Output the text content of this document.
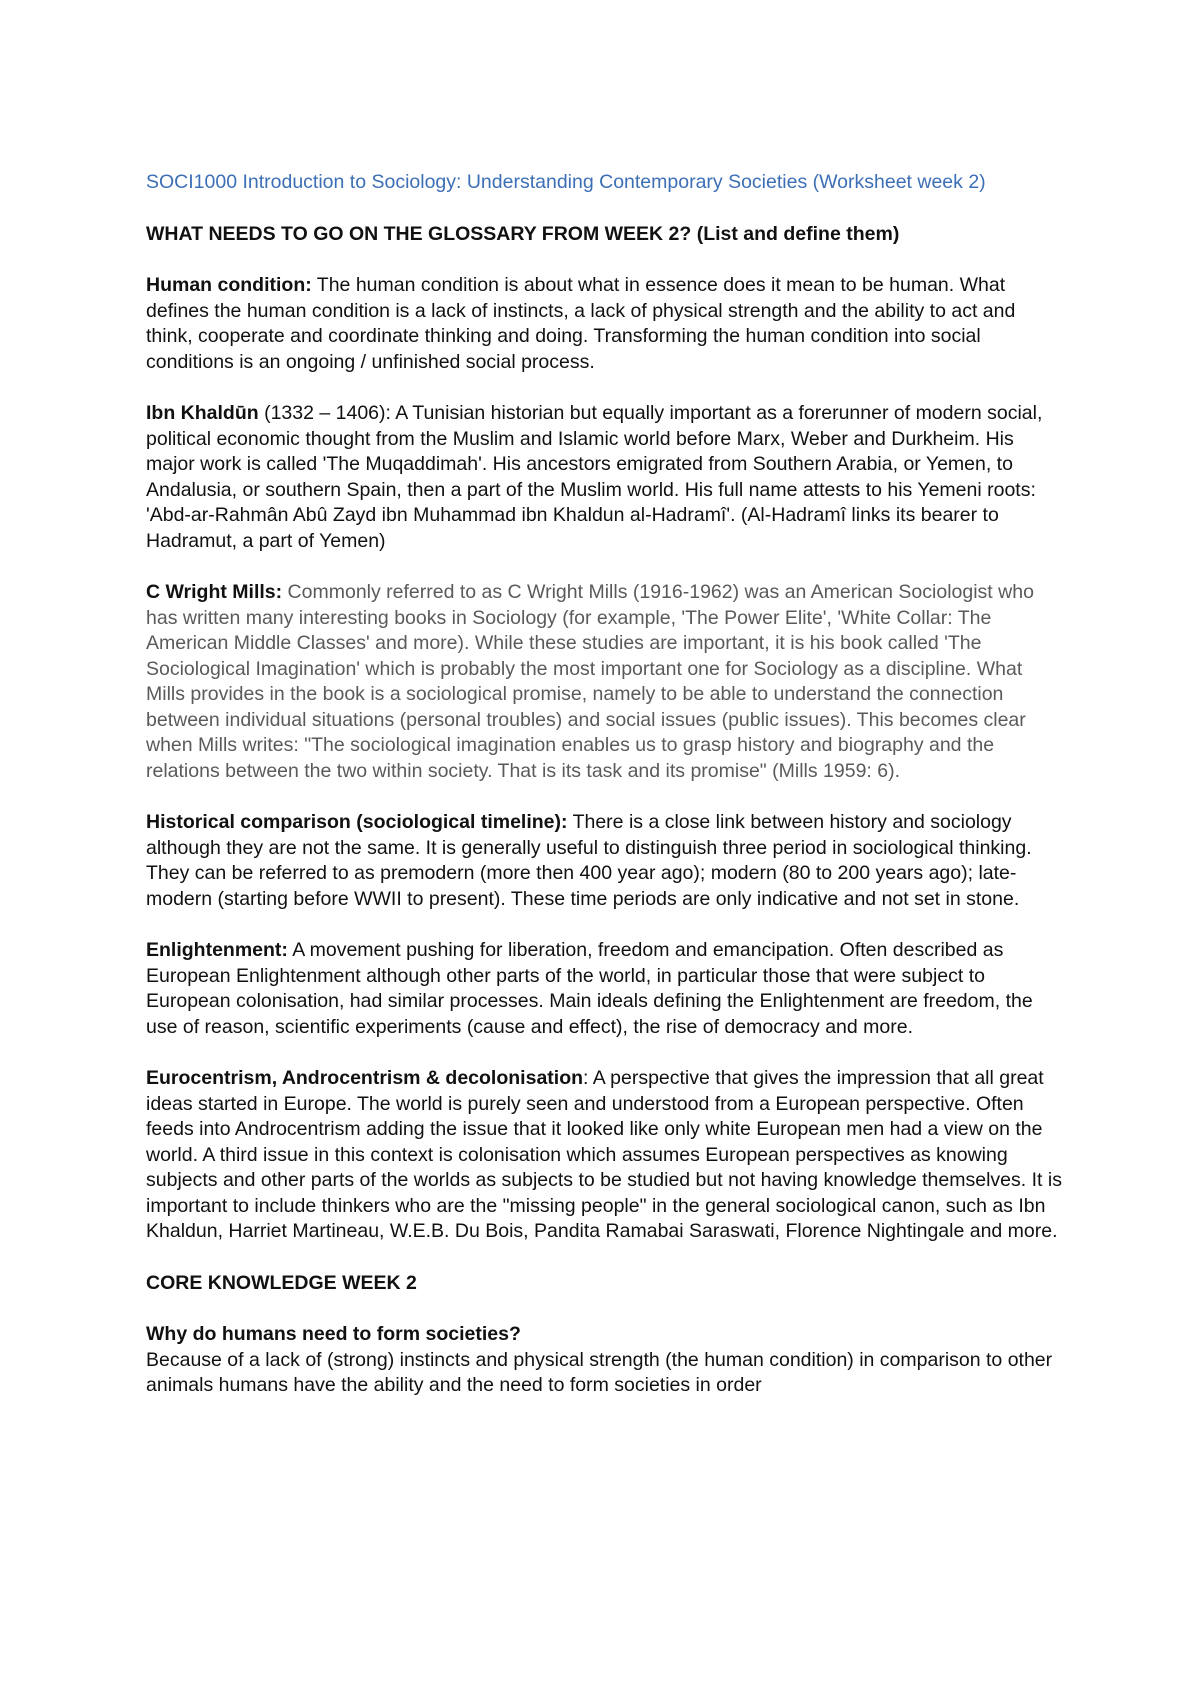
SOCI1000 Introduction to Sociology: Understanding Contemporary Societies (Worksheet week 2)

WHAT NEEDS TO GO ON THE GLOSSARY FROM WEEK 2? (List and define them)

Human condition: The human condition is about what in essence does it mean to be human. What defines the human condition is a lack of instincts, a lack of physical strength and the ability to act and think, cooperate and coordinate thinking and doing. Transforming the human condition into social conditions is an ongoing / unfinished social process.

Ibn Khaldūn (1332 – 1406): A Tunisian historian but equally important as a forerunner of modern social, political economic thought from the Muslim and Islamic world before Marx, Weber and Durkheim. His major work is called 'The Muqaddimah'. His ancestors emigrated from Southern Arabia, or Yemen, to Andalusia, or southern Spain, then a part of the Muslim world. His full name attests to his Yemeni roots: 'Abd-ar-Rahmân Abû Zayd ibn Muhammad ibn Khaldun al-Hadramî'. (Al-Hadramî links its bearer to Hadramut, a part of Yemen)

C Wright Mills: Commonly referred to as C Wright Mills (1916-1962) was an American Sociologist who has written many interesting books in Sociology (for example, 'The Power Elite', 'White Collar: The American Middle Classes' and more). While these studies are important, it is his book called 'The Sociological Imagination' which is probably the most important one for Sociology as a discipline. What Mills provides in the book is a sociological promise, namely to be able to understand the connection between individual situations (personal troubles) and social issues (public issues). This becomes clear when Mills writes: "The sociological imagination enables us to grasp history and biography and the relations between the two within society. That is its task and its promise" (Mills 1959: 6).

Historical comparison (sociological timeline): There is a close link between history and sociology although they are not the same. It is generally useful to distinguish three period in sociological thinking. They can be referred to as premodern (more then 400 year ago); modern (80 to 200 years ago); late-modern (starting before WWII to present). These time periods are only indicative and not set in stone.

Enlightenment: A movement pushing for liberation, freedom and emancipation. Often described as European Enlightenment although other parts of the world, in particular those that were subject to European colonisation, had similar processes. Main ideals defining the Enlightenment are freedom, the use of reason, scientific experiments (cause and effect), the rise of democracy and more.

Eurocentrism, Androcentrism & decolonisation: A perspective that gives the impression that all great ideas started in Europe. The world is purely seen and understood from a European perspective. Often feeds into Androcentrism adding the issue that it looked like only white European men had a view on the world. A third issue in this context is colonisation which assumes European perspectives as knowing subjects and other parts of the worlds as subjects to be studied but not having knowledge themselves. It is important to include thinkers who are the "missing people" in the general sociological canon, such as Ibn Khaldun, Harriet Martineau, W.E.B. Du Bois, Pandita Ramabai Saraswati, Florence Nightingale and more.

CORE KNOWLEDGE WEEK 2

Why do humans need to form societies?

Because of a lack of (strong) instincts and physical strength (the human condition) in comparison to other animals humans have the ability and the need to form societies in order
